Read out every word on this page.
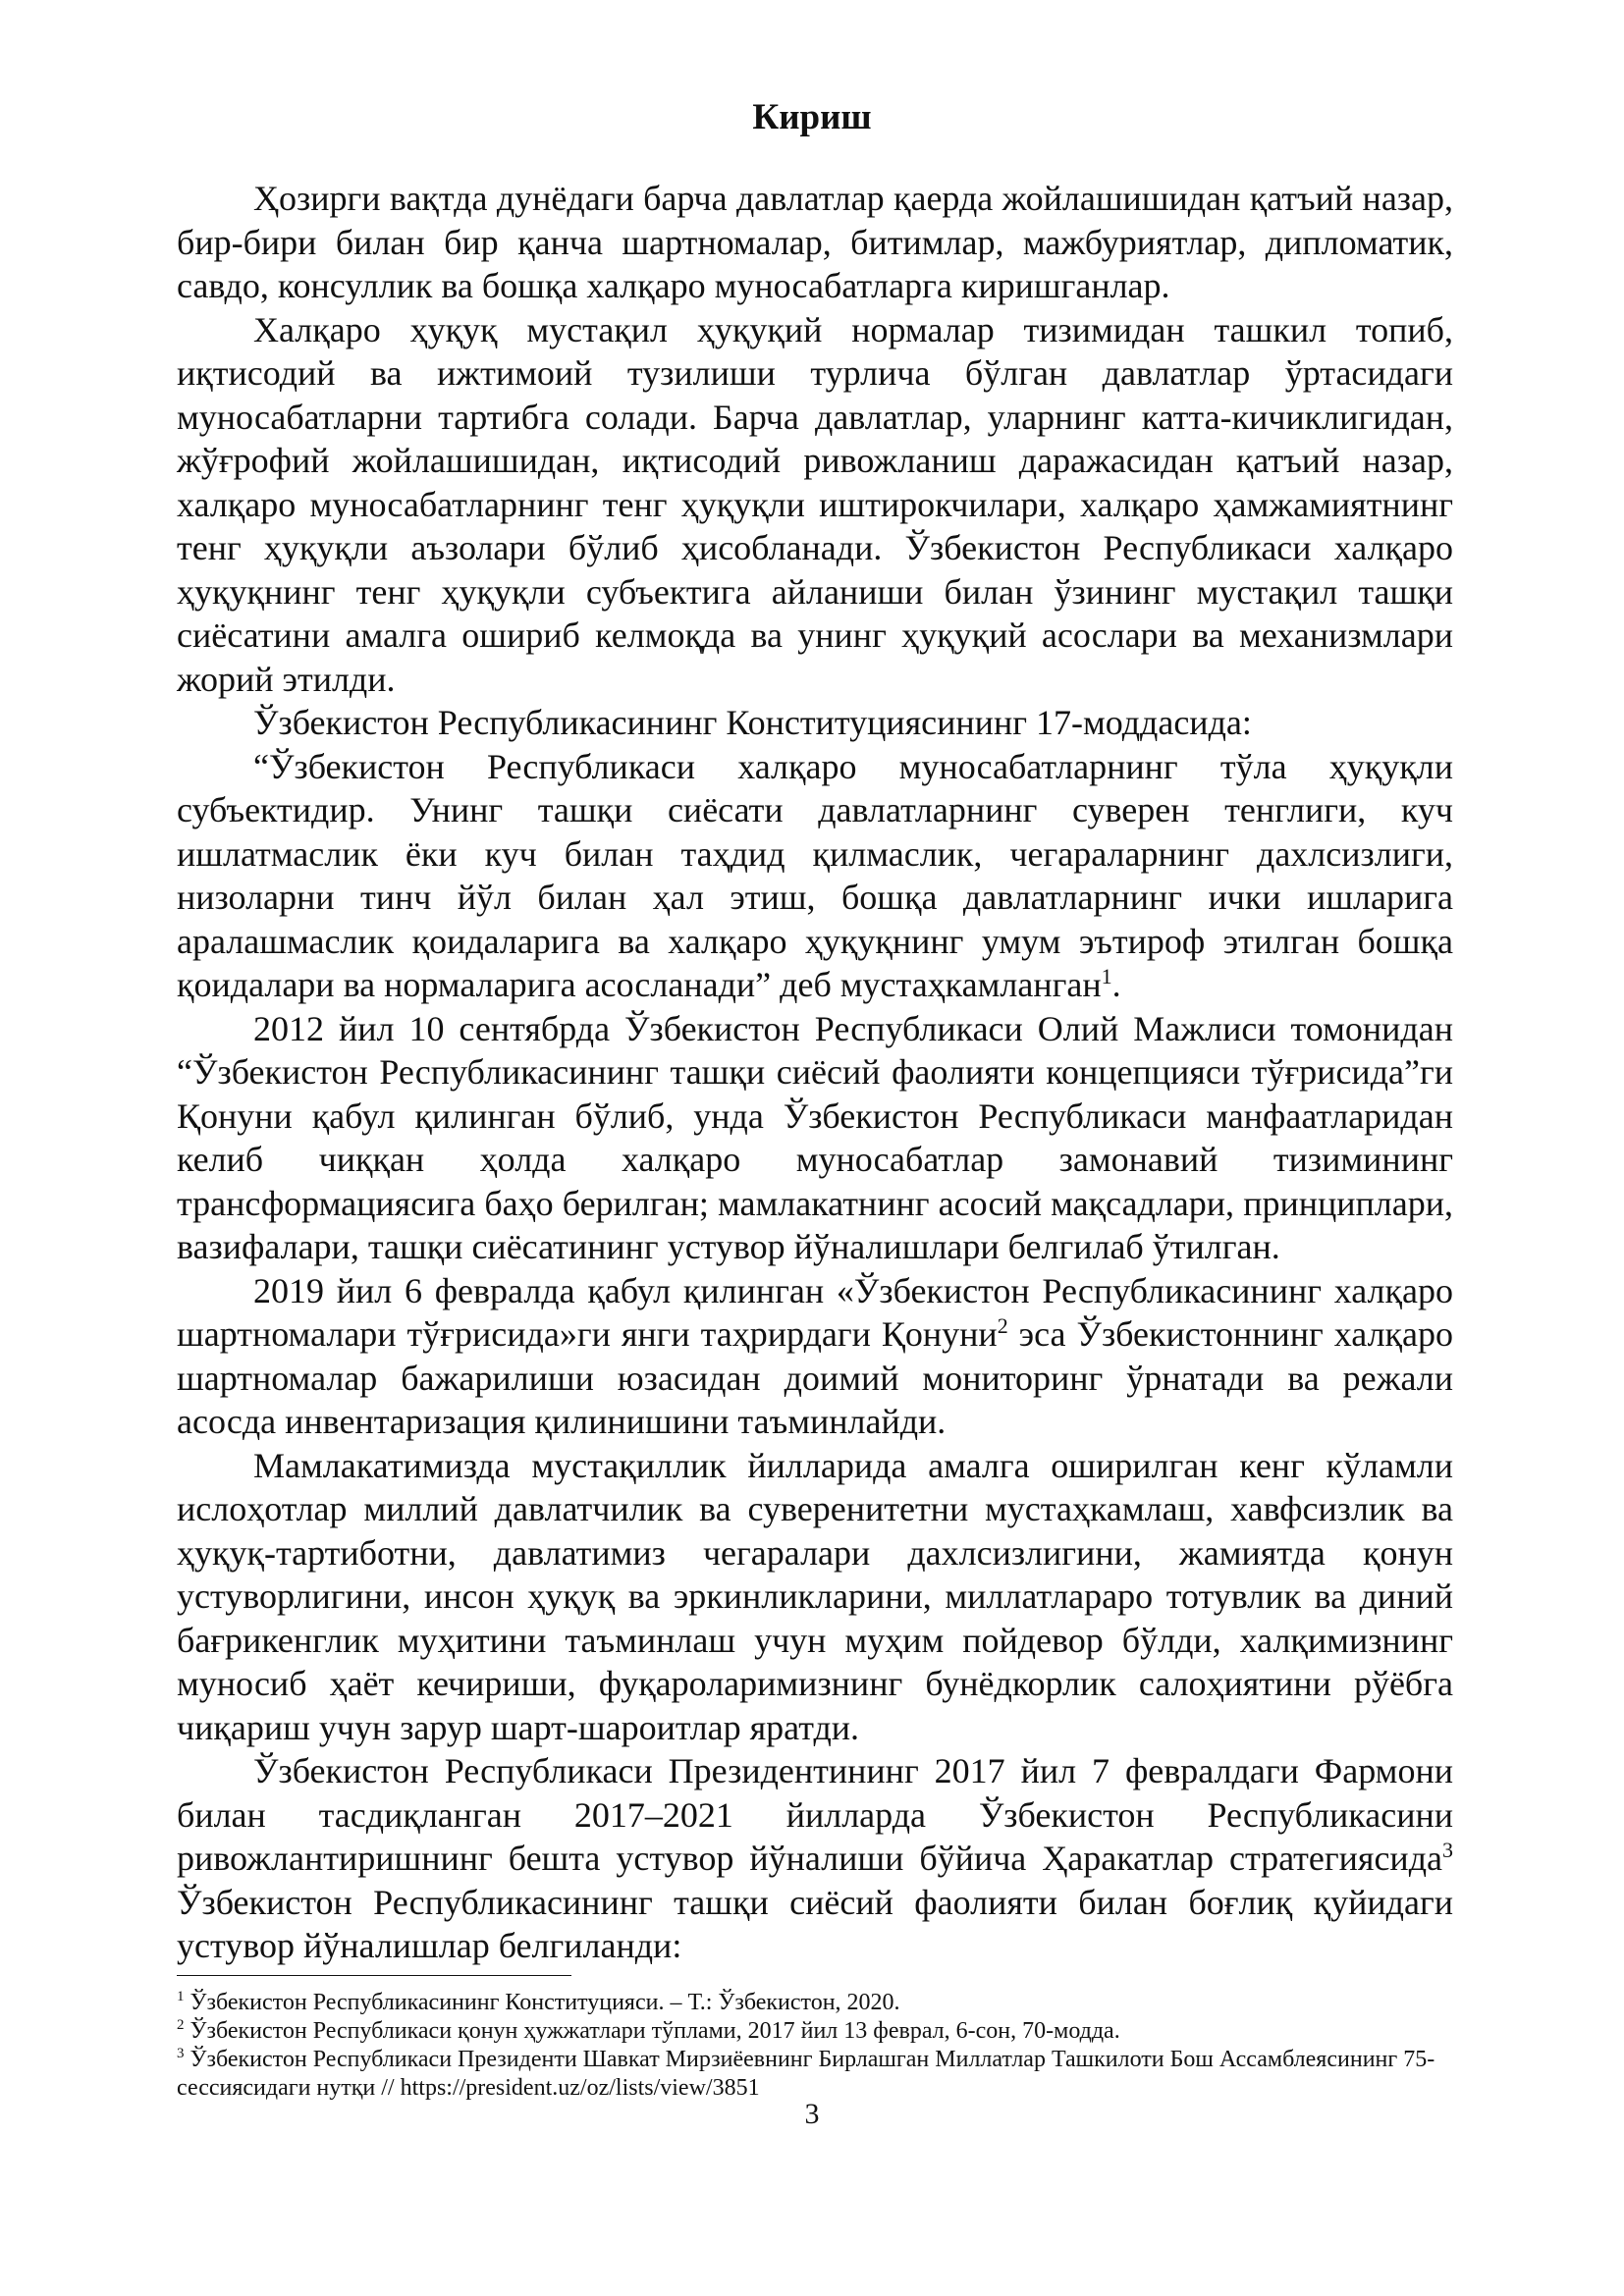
Кириш

Ҳозирги вақтда дунёдаги барча давлатлар қаерда жойлашишидан қатъий назар, бир-бири билан бир қанча шартномалар, битимлар, мажбуриятлар, дипломатик, савдо, консуллик ва бошқа халқаро муносабатларга киришганлар.

Халқаро ҳуқуқ мустақил ҳуқуқий нормалар тизимидан ташкил топиб, иқтисодий ва ижтимоий тузилиши турлича бўлган давлатлар ўртасидаги муносабатларни тартибга солади. Барча давлатлар, уларнинг катта-кичиклигидан, жўғрофий жойлашишидан, иқтисодий ривожланиш даражасидан қатъий назар, халқаро муносабатларнинг тенг ҳуқуқли иштирокчилари, халқаро ҳамжамиятнинг тенг ҳуқуқли аъзолари бўлиб ҳисобланади. Ўзбекистон Республикаси халқаро ҳуқуқнинг тенг ҳуқуқли субъектига айланиши билан ўзининг мустақил ташқи сиёсатини амалга ошириб келмоқда ва унинг ҳуқуқий асослари ва механизмлари жорий этилди.

Ўзбекистон Республикасининг Конституциясининг 17-моддасида:

“Ўзбекистон Республикаси халқаро муносабатларнинг тўла ҳуқуқли субъектидир. Унинг ташқи сиёсати давлатларнинг суверен тенглиги, куч ишлатмаслик ёки куч билан таҳдид қилмаслик, чегараларнинг дахлсизлиги, низоларни тинч йўл билан ҳал этиш, бошқа давлатларнинг ички ишларига аралашмаслик қоидаларига ва халқаро ҳуқуқнинг умум эътироф этилган бошқа қоидалари ва нормаларига асосланади” деб мустаҳкамланган$^1$.

2012 йил 10 сентябрда Ўзбекистон Республикаси Олий Мажлиси томонидан “Ўзбекистон Республикасининг ташқи сиёсий фаолияти концепцияси тўғрисида”ги Қонуни қабул қилинган бўлиб, унда Ўзбекистон Республикаси манфаатларидан келиб чиққан ҳолда халқаро муносабатлар замонавий тизимининг трансформациясига баҳо берилган; мамлакатнинг асосий мақсадлари, принциплари, вазифалари, ташқи сиёсатининг устувор йўналишлари белгилаб ўтилган.

2019 йил 6 февралда қабул қилинган «Ўзбекистон Республикасининг халқаро шартномалари тўғрисида»ги янги таҳрирдаги Қонуни$^2$ эса Ўзбекистоннинг халқаро шартномалар бажарилиши юзасидан доимий мониторинг ўрнатади ва режали асосда инвентаризация қилинишини таъминлайди.

Мамлакатимизда мустақиллик йилларида амалга оширилган кенг кўламли ислоҳотлар миллий давлатчилик ва суверенитетни мустаҳкамлаш, хавфсизлик ва ҳуқуқ-тартиботни, давлатимиз чегаралари дахлсизлигини, жамиятда қонун устуворлигини, инсон ҳуқуқ ва эркинликларини, миллатлараро тотувлик ва диний бағрикенглик муҳитини таъминлаш учун муҳим пойдевор бўлди, халқимизнинг муносиб ҳаёт кечириши, фуқароларимизнинг бунёдкорлик салоҳиятини рўёбга чиқариш учун зарур шарт-шароитлар яратди.

Ўзбекистон Республикаси Президентининг 2017 йил 7 февралдаги Фармони билан тасдиқланган 2017–2021 йилларда Ўзбекистон Республикасини ривожлантиришнинг бешта устувор йўналиши бўйича Ҳаракатлар стратегиясида$^3$ Ўзбекистон Республикасининг ташқи сиёсий фаолияти билан боғлиқ қуйидаги устувор йўналишлар белгиланди:

$^1$ Ўзбекистон Республикасининг Конституцияси. – Т.: Ўзбекистон, 2020.
$^2$ Ўзбекистон Республикаси қонун ҳужжатлари тўплами, 2017 йил 13 феврал, 6-сон, 70-модда.
$^3$ Ўзбекистон Республикаси Президенти Шавкат Мирзиёевнинг Бирлашган Миллатлар Ташкилоти Бош Ассамблеясининг 75-сессиясидаги нутқи // https://president.uz/oz/lists/view/3851
3
